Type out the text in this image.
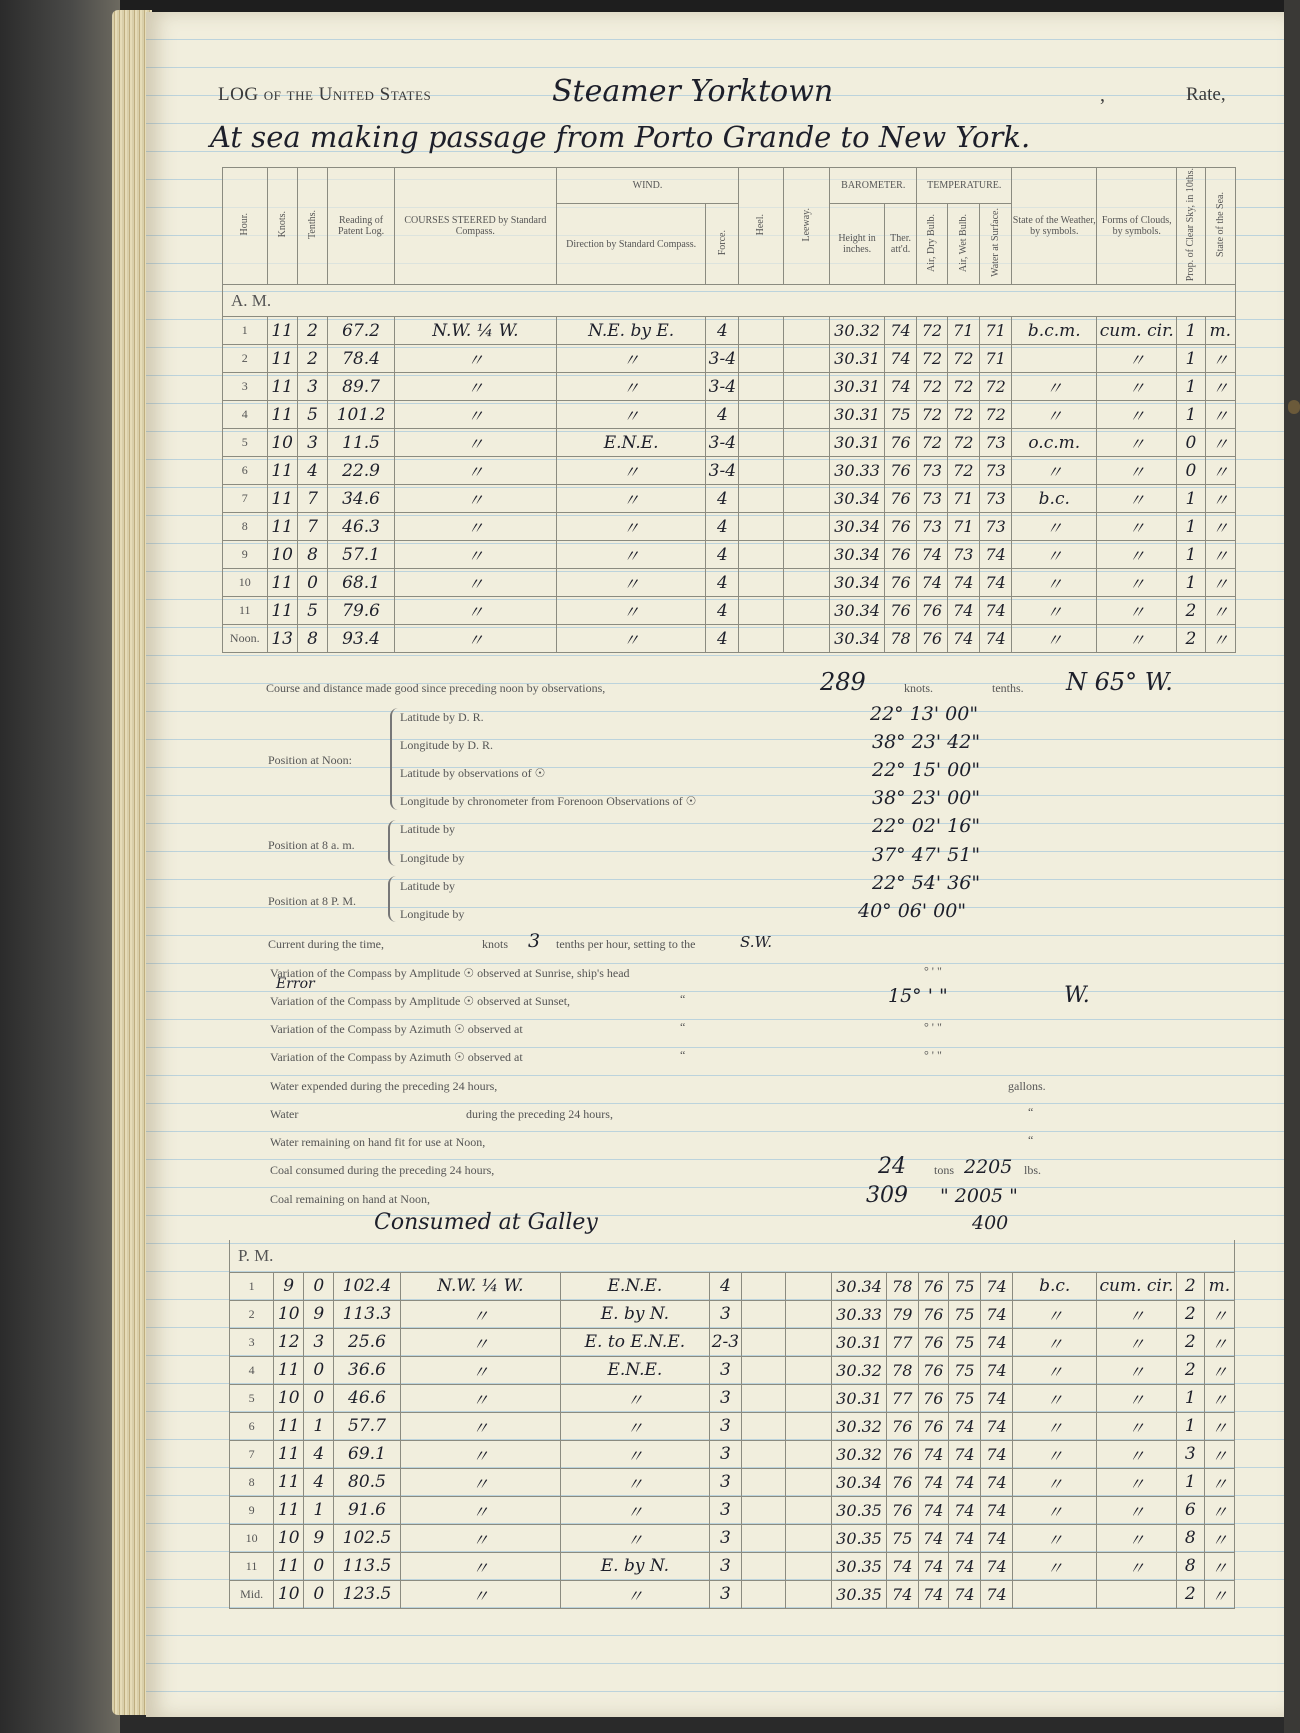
LOG of the United States	Steamer Yorktown	,	Rate,
At sea making passage from Porto Grande to New York.
Hour.	Knots.	Tenths.	Reading of Patent Log.	COURSES STEERED by Standard Compass.	WIND.		Heel.	Leeway.	BAROMETER.		TEMPERATURE.			State of the Weather, by symbols.	Forms of Clouds, by symbols.	Prop. of Clear Sky, in 10ths.	State of the Sea.
					Direction by Standard Compass.	Force.			Height in inches.	Ther. att'd.	Air, Dry Bulb.	Air, Wet Bulb.	Water at Surface.				
A. M.																	
1	11	2	67.2	N.W. ¼ W.	N.E. by E.	4			30.32	74	72	71	71	b.c.m.	cum. cir.	1	m.
2	11	2	78.4	〃	〃	3-4			30.31	74	72	72	71		〃	1	〃
3	11	3	89.7	〃	〃	3-4			30.31	74	72	72	72	〃	〃	1	〃
4	11	5	101.2	〃	〃	4			30.31	75	72	72	72	〃	〃	1	〃
5	10	3	11.5	〃	E.N.E.	3-4			30.31	76	72	72	73	o.c.m.	〃	0	〃
6	11	4	22.9	〃	〃	3-4			30.33	76	73	72	73	〃	〃	0	〃
7	11	7	34.6	〃	〃	4			30.34	76	73	71	73	b.c.	〃	1	〃
8	11	7	46.3	〃	〃	4			30.34	76	73	71	73	〃	〃	1	〃
9	10	8	57.1	〃	〃	4			30.34	76	74	73	74	〃	〃	1	〃
10	11	0	68.1	〃	〃	4			30.34	76	74	74	74	〃	〃	1	〃
11	11	5	79.6	〃	〃	4			30.34	76	76	74	74	〃	〃	2	〃
Noon.	13	8	93.4	〃	〃	4			30.34	78	76	74	74	〃	〃	2	〃
Course and distance made good since preceding noon by observations,	289	knots.	tenths. N 65° W.
Position at Noon:
Latitude by D. R.	22° 13' 00"
Longitude by D. R.	38° 23' 42"
Latitude by observations of ☉	22° 15' 00"
Longitude by chronometer from Forenoon Observations of ☉	38° 23' 00"
Position at 8 a. m.
Latitude by	22° 02' 16"
Longitude by	37° 47' 51"
Position at 8 P. M.
Latitude by	22° 54' 36"
Longitude by	40° 06' 00"
Current during the time,	knots 3 tenths per hour, setting to the	S.W.
Variation of the Compass by Amplitude ☉ observed at Sunrise, ship's head	° ' "
Error
Variation of the Compass by Amplitude ☉ observed at Sunset,	“	15° ' "	W.
Variation of the Compass by Azimuth ☉ observed at	“	° ' "
Variation of the Compass by Azimuth ☉ observed at	“	° ' "
Water expended during the preceding 24 hours,	gallons.
Water	during the preceding 24 hours,	“
Water remaining on hand fit for use at Noon,	“
Coal consumed during the preceding 24 hours,	24 tons 2205 lbs.
Coal remaining on hand at Noon,	309 " 2005 "
Consumed at Galley	400
P. M.																	
1	9	0	102.4	N.W. ¼ W.	E.N.E.	4			30.34	78	76	75	74	b.c.	cum. cir.	2	m.
2	10	9	113.3	〃	E. by N.	3			30.33	79	76	75	74	〃	〃	2	〃
3	12	3	25.6	〃	E. to E.N.E.	2-3			30.31	77	76	75	74	〃	〃	2	〃
4	11	0	36.6	〃	E.N.E.	3			30.32	78	76	75	74	〃	〃	2	〃
5	10	0	46.6	〃	〃	3			30.31	77	76	75	74	〃	〃	1	〃
6	11	1	57.7	〃	〃	3			30.32	76	76	74	74	〃	〃	1	〃
7	11	4	69.1	〃	〃	3			30.32	76	74	74	74	〃	〃	3	〃
8	11	4	80.5	〃	〃	3			30.34	76	74	74	74	〃	〃	1	〃
9	11	1	91.6	〃	〃	3			30.35	76	74	74	74	〃	〃	6	〃
10	10	9	102.5	〃	〃	3			30.35	75	74	74	74	〃	〃	8	〃
11	11	0	113.5	〃	E. by N.	3			30.35	74	74	74	74	〃	〃	8	〃
Mid.	10	0	123.5	〃	〃	3			30.35	74	74	74	74			2	〃
